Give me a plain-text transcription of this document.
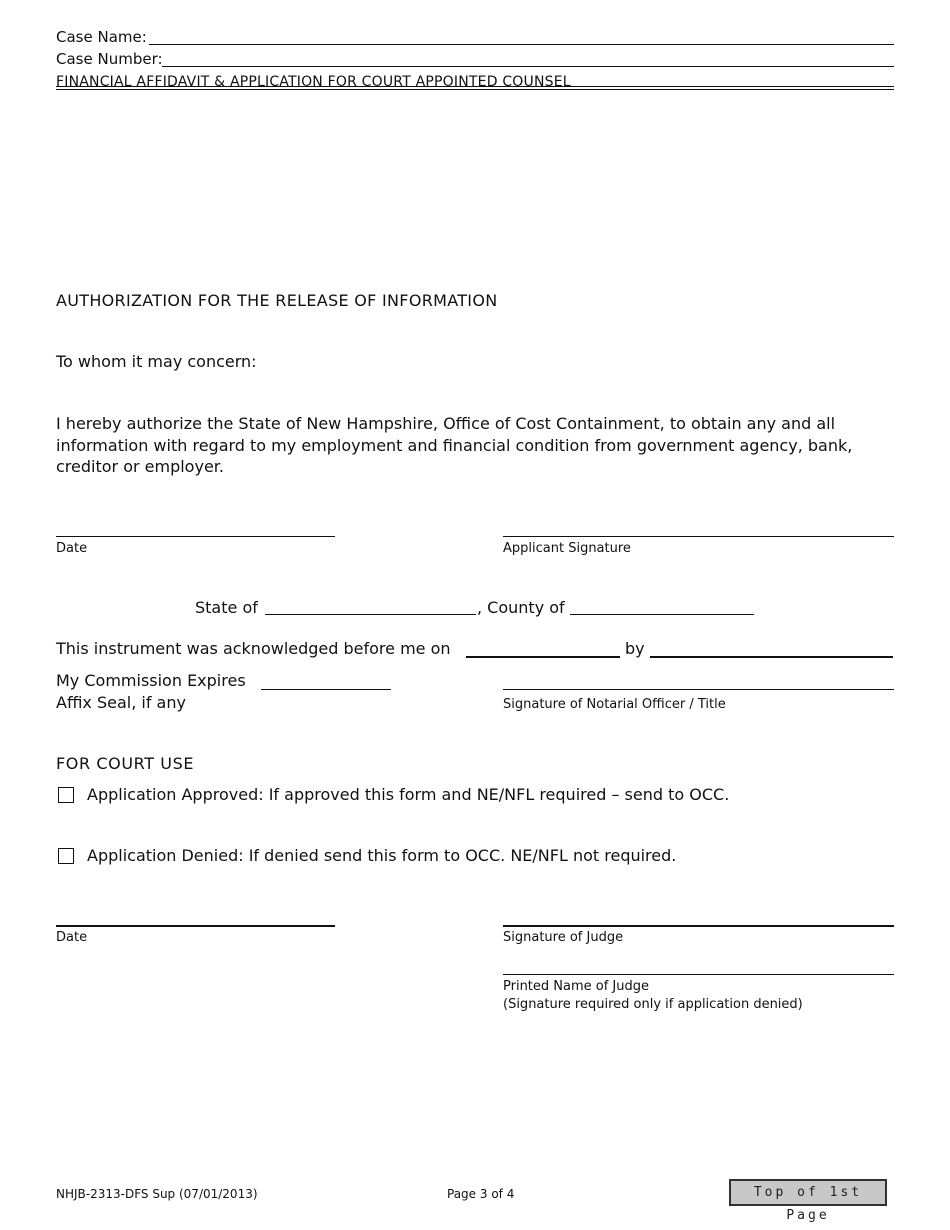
Case Name:
Case Number:
FINANCIAL AFFIDAVIT & APPLICATION FOR COURT APPOINTED COUNSEL
AUTHORIZATION FOR THE RELEASE OF INFORMATION
To whom it may concern:
I hereby authorize the State of New Hampshire, Office of Cost Containment, to obtain any and all information with regard to my employment and financial condition from government agency, bank, creditor or employer.
Date	Applicant Signature
State of	, County of
This instrument was acknowledged before me on	by
My Commission Expires
Affix Seal, if any	Signature of Notarial Officer / Title
FOR COURT USE
Application Approved: If approved this form and NE/NFL required – send to OCC.
Application Denied: If denied send this form to OCC. NE/NFL not required.
Date	Signature of Judge
Printed Name of Judge
(Signature required only if application denied)
NHJB-2313-DFS Sup (07/01/2013)	Page 3 of 4	Top of 1st Page
